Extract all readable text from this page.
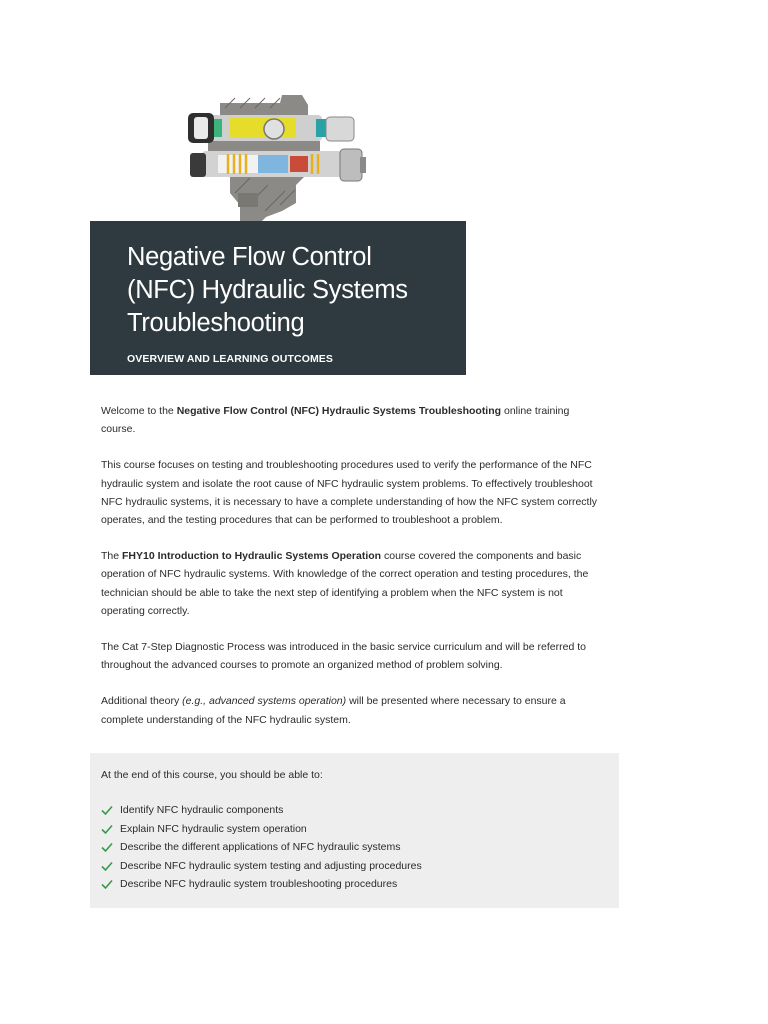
Negative Flow Control
(NFC) Hydraulic Systems
Troubleshooting
OVERVIEW AND LEARNING OUTCOMES

Welcome to the Negative Flow Control (NFC) Hydraulic Systems Troubleshooting online training course.

This course focuses on testing and troubleshooting procedures used to verify the performance of the NFC hydraulic system and isolate the root cause of NFC hydraulic system problems. To effectively troubleshoot NFC hydraulic systems, it is necessary to have a complete understanding of how the NFC system correctly operates, and the testing procedures that can be performed to troubleshoot a problem.

The FHY10 Introduction to Hydraulic Systems Operation course covered the components and basic operation of NFC hydraulic systems. With knowledge of the correct operation and testing procedures, the technician should be able to take the next step of identifying a problem when the NFC system is not operating correctly.

The Cat 7-Step Diagnostic Process was introduced in the basic service curriculum and will be referred to throughout the advanced courses to promote an organized method of problem solving.

Additional theory (e.g., advanced systems operation) will be presented where necessary to ensure a complete understanding of the NFC hydraulic system.

At the end of this course, you should be able to:

Identify NFC hydraulic components
Explain NFC hydraulic system operation
Describe the different applications of NFC hydraulic systems
Describe NFC hydraulic system testing and adjusting procedures
Describe NFC hydraulic system troubleshooting procedures
